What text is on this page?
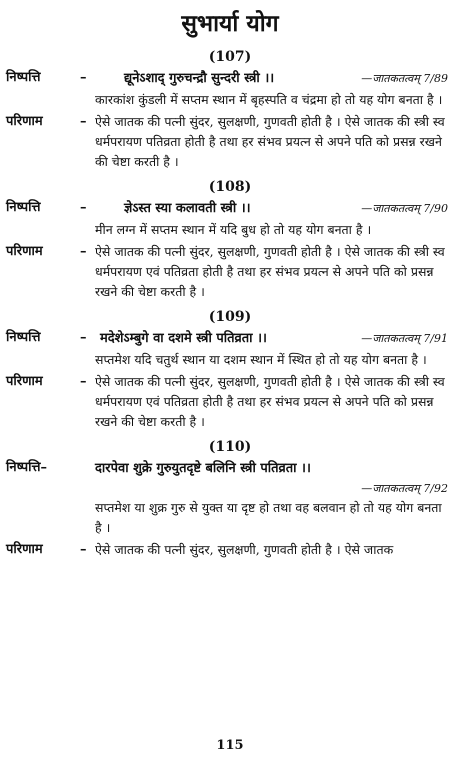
सुभार्या योग
(107)
निष्पत्ति	–	द्यूनेऽशाद् गुरुचन्द्रौ सुन्दरी स्त्री ।।	—जातकतत्वम् 7/89
कारकांश कुंडली में सप्तम स्थान में बृहस्पति व चंद्रमा हो तो यह योग बनता है ।
परिणाम	– ऐसे जातक की पत्नी सुंदर, सुलक्षणी, गुणवती होती है । ऐसे जातक की स्त्री स्व धर्मपरायण पतिव्रता होती है तथा हर संभव प्रयत्न से अपने पति को प्रसन्न रखने की चेष्टा करती है ।
(108)
निष्पत्ति	–	ज्ञेऽस्त स्या कलावती स्त्री ।।	—जातकतत्वम् 7/90
मीन लग्न में सप्तम स्थान में यदि बुध हो तो यह योग बनता है ।
परिणाम	– ऐसे जातक की पत्नी सुंदर, सुलक्षणी, गुणवती होती है । ऐसे जातक की स्त्री स्व धर्मपरायण एवं पतिव्रता होती है तथा हर संभव प्रयत्न से अपने पति को प्रसन्न रखने की चेष्टा करती है ।
(109)
निष्पत्ति	– मदेशेऽम्बुगे वा दशमे स्त्री पतिव्रता ।।	—जातकतत्वम् 7/91
सप्तमेश यदि चतुर्थ स्थान या दशम स्थान में स्थित हो तो यह योग बनता है ।
परिणाम	– ऐसे जातक की पत्नी सुंदर, सुलक्षणी, गुणवती होती है । ऐसे जातक की स्त्री स्व धर्मपरायण एवं पतिव्रता होती है तथा हर संभव प्रयत्न से अपने पति को प्रसन्न रखने की चेष्टा करती है ।
(110)
निष्पत्ति–	दारपेवा शुक्रे गुरुयुतदृष्टे बलिनि स्त्री पतिव्रता ।।
—जातकतत्वम् 7/92
सप्तमेश या शुक्र गुरु से युक्त या दृष्ट हो तथा वह बलवान हो तो यह योग बनता है ।
परिणाम	– ऐसे जातक की पत्नी सुंदर, सुलक्षणी, गुणवती होती है । ऐसे जातक
115
